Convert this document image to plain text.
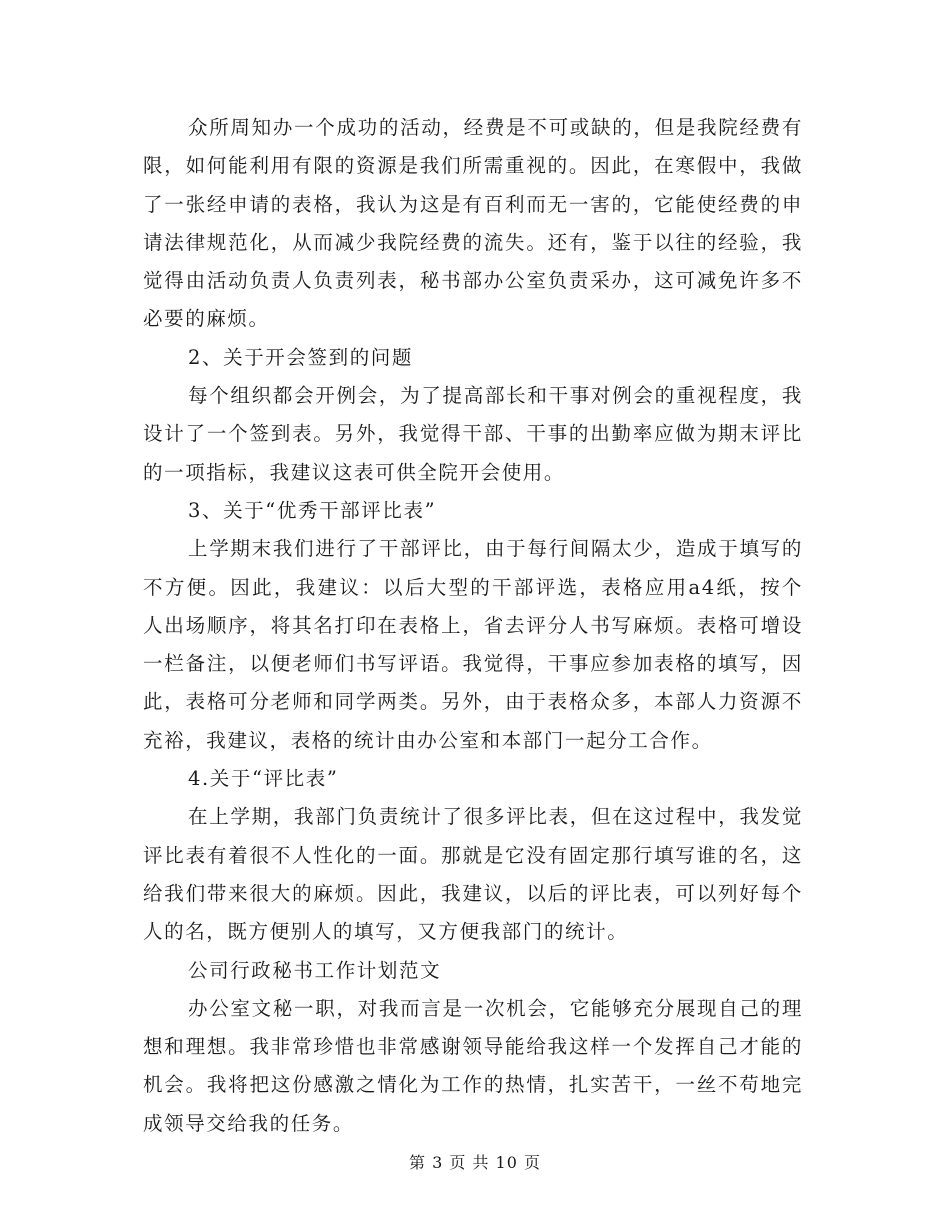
众所周知办一个成功的活动，经费是不可或缺的，但是我院经费有限，如何能利用有限的资源是我们所需重视的。因此，在寒假中，我做了一张经申请的表格，我认为这是有百利而无一害的，它能使经费的申请法律规范化，从而减少我院经费的流失。还有，鉴于以往的经验，我觉得由活动负责人负责列表，秘书部办公室负责采办，这可减免许多不必要的麻烦。

2、关于开会签到的问题

每个组织都会开例会，为了提高部长和干事对例会的重视程度，我设计了一个签到表。另外，我觉得干部、干事的出勤率应做为期末评比的一项指标，我建议这表可供全院开会使用。

3、关于“优秀干部评比表”

上学期末我们进行了干部评比，由于每行间隔太少，造成于填写的不方便。因此，我建议：以后大型的干部评选，表格应用a4纸，按个人出场顺序，将其名打印在表格上，省去评分人书写麻烦。表格可增设一栏备注，以便老师们书写评语。我觉得，干事应参加表格的填写，因此，表格可分老师和同学两类。另外，由于表格众多，本部人力资源不充裕，我建议，表格的统计由办公室和本部门一起分工合作。

4.关于“评比表”

在上学期，我部门负责统计了很多评比表，但在这过程中，我发觉评比表有着很不人性化的一面。那就是它没有固定那行填写谁的名，这给我们带来很大的麻烦。因此，我建议，以后的评比表，可以列好每个人的名，既方便别人的填写，又方便我部门的统计。

公司行政秘书工作计划范文

办公室文秘一职，对我而言是一次机会，它能够充分展现自己的理想和理想。我非常珍惜也非常感谢领导能给我这样一个发挥自己才能的机会。我将把这份感激之情化为工作的热情，扎实苦干，一丝不苟地完成领导交给我的任务。

第 3 页 共 10 页
